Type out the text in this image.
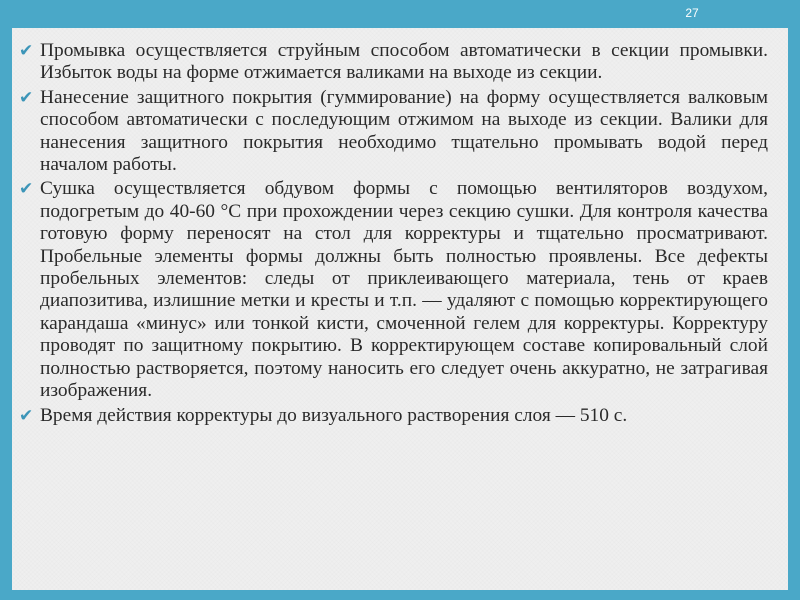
27
✔ Промывка осуществляется струйным способом автоматически в секции промывки. Избыток воды на форме отжимается валиками на выходе из секции.
✔ Нанесение защитного покрытия (гуммирование) на форму осуществляется валковым способом автоматически с последующим отжимом на выходе из секции. Валики для нанесения защитного покрытия необходимо тщательно промывать водой перед началом работы.
✔ Сушка осуществляется обдувом формы с помощью вентиляторов воздухом, подогретым до 40-60 °С при прохождении через секцию сушки. Для контроля качества готовую форму переносят на стол для корректуры и тщательно просматривают. Пробельные элементы формы должны быть полностью проявлены. Все дефекты пробельных элементов: следы от приклеивающего материала, тень от краев диапозитива, излишние метки и кресты и т.п. — удаляют с помощью корректирующего карандаша «минус» или тонкой кисти, смоченной гелем для корректуры. Корректуру проводят по защитному покрытию. В корректирующем составе копировальный слой полностью растворяется, поэтому наносить его следует очень аккуратно, не затрагивая изображения.
✔ Время действия корректуры до визуального растворения слоя — 510 с.
